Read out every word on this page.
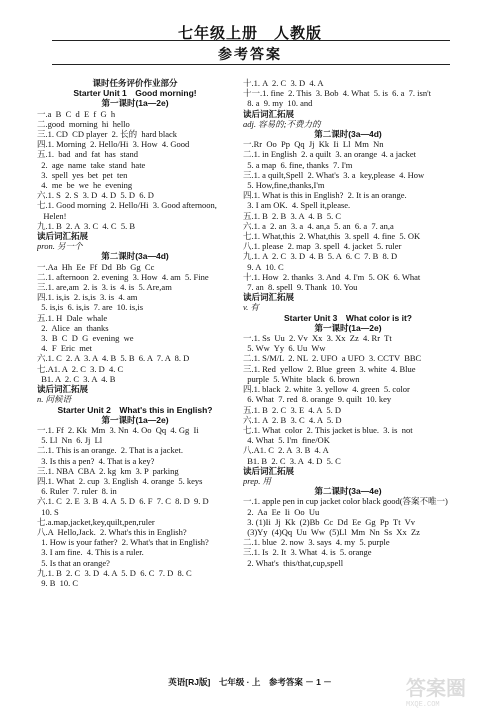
七年级上册　人教版
参考答案
课时任务评价作业部分
Starter Unit 1　Good morning!
第一课时(1a—2e)
一.a  B  C  d  E  f  G  h
二.good  morning  hi  hello
三.1. CD  CD player  2. 长的  hard black
四.1. Morning  2. Hello/Hi  3. How  4. Good
五.1.  bad  and  fat  has  stand
2.  age  name  take  stand  hate
3.  spell  yes  bet  pet  ten
4.  me  be  we  he  evening
六.1. S  2. S  3. D  4. D  5. D  6. D
七.1. Good morning  2. Hello/Hi  3. Good afternoon,
Helen!
九.1. B  2. A  3. C  4. C  5. B
读后词汇拓展
pron. 另一个
第二课时(3a—4d)
一.Aa  Hh  Ee  Ff  Dd  Bb  Gg  Cc
二.1. afternoon  2. evening  3. How  4. am  5. Fine
三.1. are,am  2. is  3. is  4. is  5. Are,am
四.1. is,is  2. is,is  3. is  4. am
5. is,is  6. is,is  7. are  10. is,is
五.1. H  Dale  whale
2.  Alice  an  thanks
3.  B  C  D  G  evening  we
4.  F  Eric  met
六.1. C  2. A  3. A  4. B  5. B  6. A  7. A  8. D
七.A1. A  2. C  3. D  4. C
B1. A  2. C  3. A  4. B
读后词汇拓展
n. 问候语
Starter Unit 2　What's this in English?
第一课时(1a—2e)
一.1. Ff  2. Kk  Mm  3. Nn  4. Oo  Qq  4. Gg  Ii
5. Ll  Nn  6. Jj  Ll
二.1. This is an orange.  2. That is a jacket.
3. Is this a pen?  4. That is a key?
三.1. NBA  CBA  2. kg  km  3. P  parking
四.1. What  2. cup  3. English  4. orange  5. keys
6. Ruler  7. ruler  8. in
六.1. C  2. E  3. B  4. A  5. D  6. F  7. C  8. D  9. D
10. S
七.a.map,jacket,key,quilt,pen,ruler
八.A  Hello,Jack.  2. What's this in English?
1. How is your father?  2. What's that in English?
3. I am fine.  4. This is a ruler.
5. Is that an orange?
九.1. B  2. C  3. D  4. A  5. D  6. C  7. D  8. C
9. B  10. C
十.1. A  2. C  3. D  4. A
十一.1. fine  2. This  3. Bob  4. What  5. is  6. a  7. isn't
8. a  9. my  10. and
读后词汇拓展
adj. 容易的;不费力的
第二课时(3a—4d)
一.Rr  Oo  Pp  Qq  Jj  Kk  Ii  Ll  Mm  Nn
二.1. in English  2. a quilt  3. an orange  4. a jacket
5. a map  6. fine, thanks  7. I'm
三.1. a quilt,Spell  2. What's  3. a  key,please  4. How
5. How,fine,thanks,I'm
四.1. What is this in English?  2. It is an orange.
3. I am OK.  4. Spell it,please.
五.1. B  2. B  3. A  4. B  5. C
六.1. a  2. an  3. a  4. an,a  5. an  6. a  7. an,a
七.1. What,this  2. What,this  3. spell  4. fine  5. OK
八.1. please  2. map  3. spell  4. jacket  5. ruler
九.1. A  2. C  3. D  4. B  5. A  6. C  7. B  8. D
9. A  10. C
十.1. How  2. thanks  3. And  4. I'm  5. OK  6. What
7. an  8. spell  9. Thank  10. You
读后词汇拓展
v. 有
Starter Unit 3　What color is it?
第一课时(1a—2e)
一.1. Ss  Uu  2. Vv  Xx  3. Xx  Zz  4. Rr  Tt
5. Ww  Yy  6. Uu  Ww
二.1. S/M/L  2. NL  2. UFO  a UFO  3. CCTV  BBC
三.1. Red  yellow  2. Blue  green  3. white  4. Blue
purple  5. White  black  6. brown
四.1. black  2. white  3. yellow  4. green  5. color
6. What  7. red  8. orange  9. quilt  10. key
五.1. B  2. C  3. E  4. A  5. D
六.1. A  2. B  3. C  4. A  5. D
七.1. What  color  2. This jacket is blue.  3. is  not
4. What  5. I'm  fine/OK
八.A1. C  2. A  3. B  4. A
B1. B  2. C  3. A  4. D  5. C
读后词汇拓展
prep. 用
第二课时(3a—4e)
一.1. apple pen in cup jacket color black good(答案不唯一)
2.  Aa  Ee  Ii  Oo  Uu
3. (1)Ii  Jj  Kk  (2)Bb  Cc  Dd  Ee  Gg  Pp  Tt  Vv
(3)Yy  (4)Qq  Uu  Ww  (5)Ll  Mm  Nn  Ss  Xx  Zz
二.1. blue  2. now  3. says  4. my  5. purple
三.1. Is  2. It  3. What  4. is  5. orange
2. What's  this/that,cup,spell
英语[RJ版]　七年级 · 上　参考答案 － 1 －	答案圈
MXQE.COM
